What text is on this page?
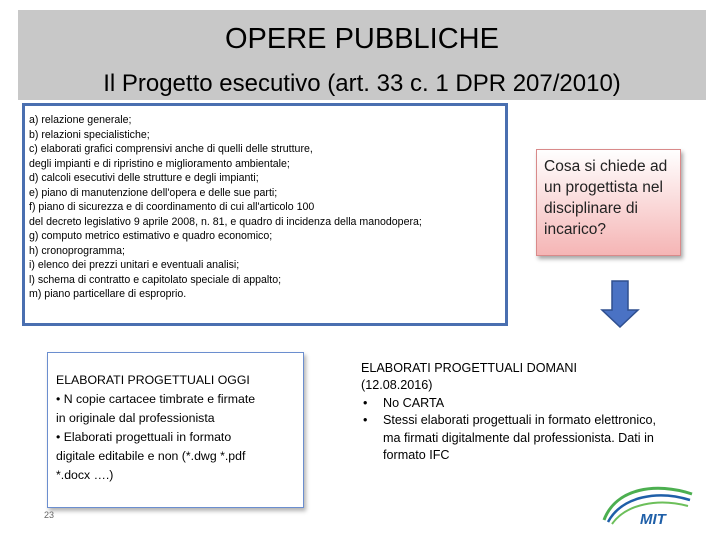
OPERE PUBBLICHE
Il Progetto esecutivo (art. 33 c. 1 DPR 207/2010)
a) relazione generale;
b) relazioni specialistiche;
c) elaborati grafici comprensivi anche di quelli delle strutture,
degli impianti e di ripristino e miglioramento ambientale;
d) calcoli esecutivi delle strutture e degli impianti;
e) piano di manutenzione dell'opera e delle sue parti;
f) piano di sicurezza e di coordinamento di cui all'articolo 100
del decreto legislativo 9 aprile 2008, n. 81, e quadro di incidenza della manodopera;
g) computo metrico estimativo e quadro economico;
h) cronoprogramma;
i) elenco dei prezzi unitari e eventuali analisi;
l) schema di contratto e capitolato speciale di appalto;
m) piano particellare di esproprio.
Cosa si chiede ad un progettista nel disciplinare di incarico?
ELABORATI PROGETTUALI OGGI
• N copie cartacee timbrate e firmate
in originale dal professionista
• Elaborati progettuali in formato
digitale editabile e non (*.dwg *.pdf
*.docx ….)
ELABORATI PROGETTUALI DOMANI
(12.08.2016)
•	No CARTA
•	Stessi elaborati progettuali in formato elettronico, ma firmati digitalmente dal professionista. Dati in formato IFC
23	MIT
